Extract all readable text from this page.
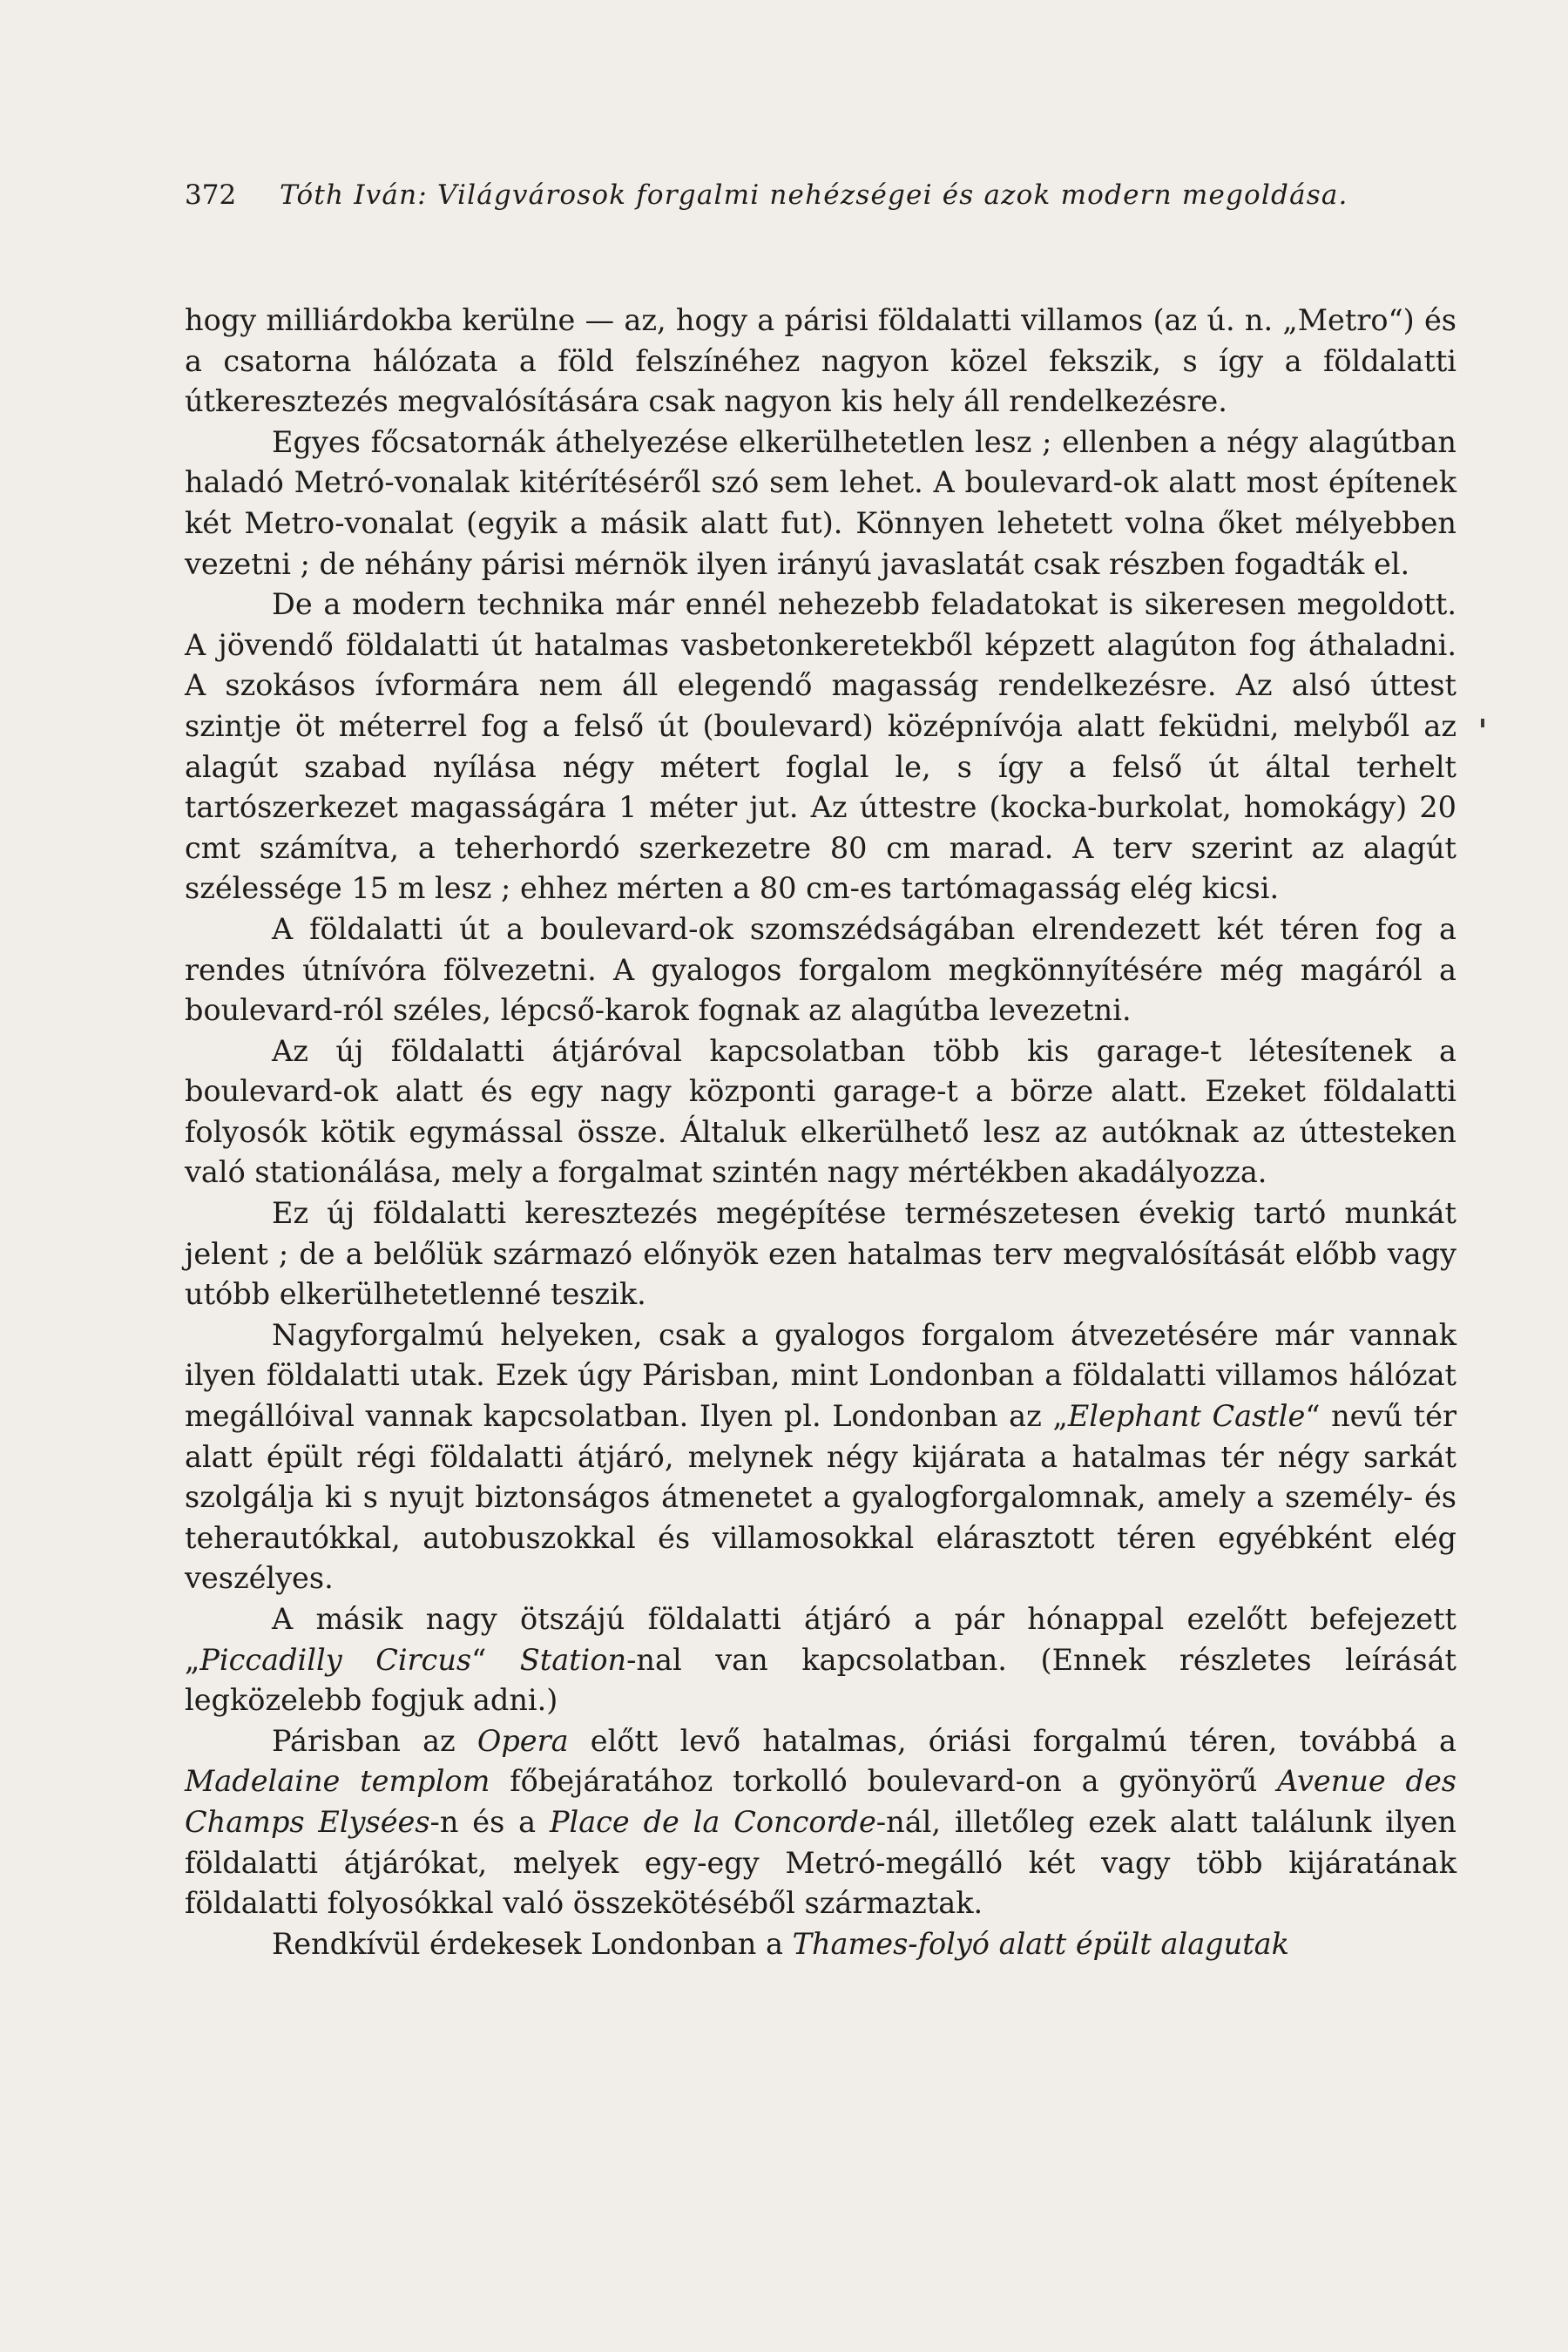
372 Tóth Iván: Világvárosok forgalmi nehézségei és azok modern megoldása.

hogy milliárdokba kerülne — az, hogy a párisi földalatti villamos (az ú. n. „Metro“) és a csatorna hálózata a föld felszínéhez nagyon közel fekszik, s így a földalatti útkeresztezés megvalósítására csak nagyon kis hely áll rendelkezésre.

Egyes főcsatornák áthelyezése elkerülhetetlen lesz ; ellenben a négy alagútban haladó Metró-vonalak kitérítéséről szó sem lehet. A boulevard-ok alatt most építenek két Metro-vonalat (egyik a másik alatt fut). Könnyen lehetett volna őket mélyebben vezetni ; de néhány párisi mérnök ilyen irányú javaslatát csak részben fogadták el.

De a modern technika már ennél nehezebb feladatokat is sikeresen megoldott. A jövendő földalatti út hatalmas vasbetonkeretekből képzett alagúton fog áthaladni. A szokásos ívformára nem áll elegendő magasság rendelkezésre. Az alsó úttest szintje öt méterrel fog a felső út (boulevard) középnívója alatt feküdni, melyből az alagút szabad nyílása négy métert foglal le, s így a felső út által terhelt tartószerkezet magasságára 1 méter jut. Az úttestre (kocka-burkolat, homokágy) 20 cmt számítva, a teherhordó szerkezetre 80 cm marad. A terv szerint az alagút szélessége 15 m lesz ; ehhez mérten a 80 cm-es tartómagasság elég kicsi.

A földalatti út a boulevard-ok szomszédságában elrendezett két téren fog a rendes útnívóra fölvezetni. A gyalogos forgalom megkönnyítésére még magáról a boulevard-ról széles, lépcső-karok fognak az alagútba levezetni.

Az új földalatti átjáróval kapcsolatban több kis garage-t létesítenek a boulevard-ok alatt és egy nagy központi garage-t a börze alatt. Ezeket földalatti folyosók kötik egymással össze. Általuk elkerülhető lesz az autóknak az úttesteken való stationálása, mely a forgalmat szintén nagy mértékben akadályozza.

Ez új földalatti keresztezés megépítése természetesen évekig tartó munkát jelent ; de a belőlük származó előnyök ezen hatalmas terv megvalósítását előbb vagy utóbb elkerülhetetlenné teszik.

Nagyforgalmú helyeken, csak a gyalogos forgalom átvezetésére már vannak ilyen földalatti utak. Ezek úgy Párisban, mint Londonban a földalatti villamos hálózat megállóival vannak kapcsolatban. Ilyen pl. Londonban az „Elephant Castle“ nevű tér alatt épült régi földalatti átjáró, melynek négy kijárata a hatalmas tér négy sarkát szolgálja ki s nyujt biztonságos átmenetet a gyalogforgalomnak, amely a személy- és teherautókkal, autobuszokkal és villamosokkal elárasztott téren egyébként elég veszélyes.

A másik nagy ötszájú földalatti átjáró a pár hónappal ezelőtt befejezett „Piccadilly Circus“ Station-nal van kapcsolatban. (Ennek részletes leírását legközelebb fogjuk adni.)

Párisban az Opera előtt levő hatalmas, óriási forgalmú téren, továbbá a Madelaine templom főbejáratához torkolló boulevard-on a gyönyörű Avenue des Champs Elysées-n és a Place de la Concorde-nál, illetőleg ezek alatt találunk ilyen földalatti átjárókat, melyek egy-egy Metró-megálló két vagy több kijáratának földalatti folyosókkal való összekötéséből származtak.

Rendkívül érdekesek Londonban a Thames-folyó alatt épült alagutak
